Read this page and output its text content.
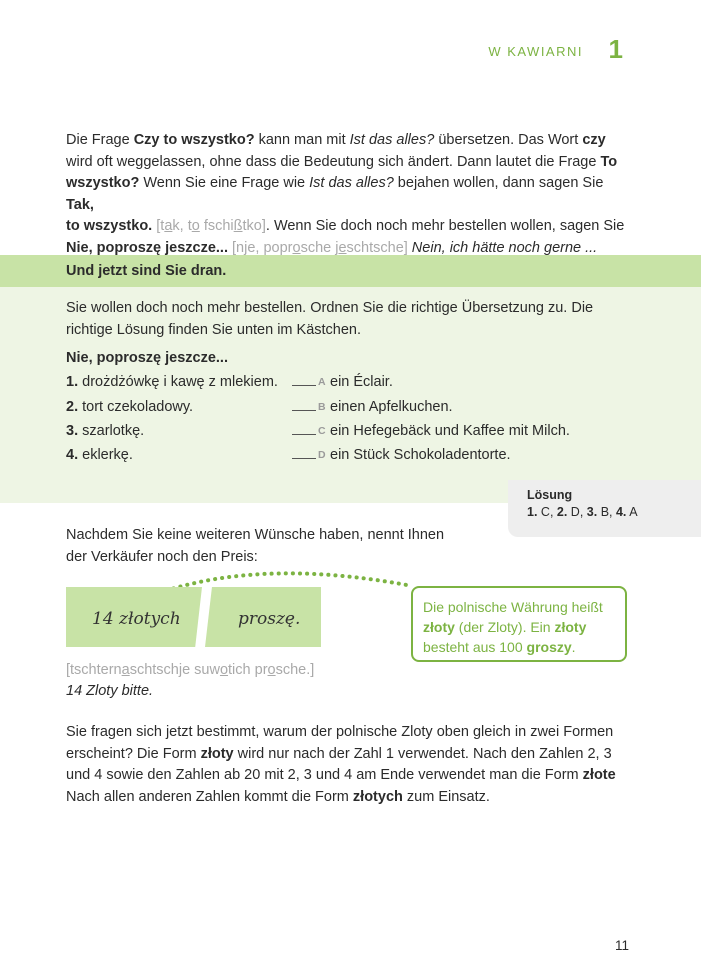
W KAWIARNI 1
Die Frage Czy to wszystko? kann man mit Ist das alles? übersetzen. Das Wort czy
wird oft weggelassen, ohne dass die Bedeutung sich ändert. Dann lautet die Frage To
wszystko? Wenn Sie eine Frage wie Ist das alles? bejahen wollen, dann sagen Sie Tak,
to wszystko. [tak, to fschißtko]. Wenn Sie doch noch mehr bestellen wollen, sagen Sie
Nie, poproszę jeszcze... [nje, poprosche jeschtsche] Nein, ich hätte noch gerne ...
Und jetzt sind Sie dran.
Sie wollen doch noch mehr bestellen. Ordnen Sie die richtige Übersetzung zu. Die
richtige Lösung finden Sie unten im Kästchen.
Nie, poproszę jeszcze...
1. drożdżówkę i kawę z mlekiem.	A ein Éclair.
2. tort czekoladowy.	B einen Apfelkuchen.
3. szarlotkę.	C ein Hefegebäck und Kaffee mit Milch.
4. eklerkę.	D ein Stück Schokoladentorte.
Lösung
1. C, 2. D, 3. B, 4. A
Nachdem Sie keine weiteren Wünsche haben, nennt Ihnen
der Verkäufer noch den Preis:
14 złotych	proszę.

Die polnische Währung heißt złoty (der Zloty). Ein złoty besteht aus 100 groszy.

[tschternaschtschje suwotich prosche.]
14 Zloty bitte.
Sie fragen sich jetzt bestimmt, warum der polnische Zloty oben gleich in zwei Formen
erscheint? Die Form złoty wird nur nach der Zahl 1 verwendet. Nach den Zahlen 2, 3
und 4 sowie den Zahlen ab 20 mit 2, 3 und 4 am Ende verwendet man die Form złote
Nach allen anderen Zahlen kommt die Form złotych zum Einsatz.
11
